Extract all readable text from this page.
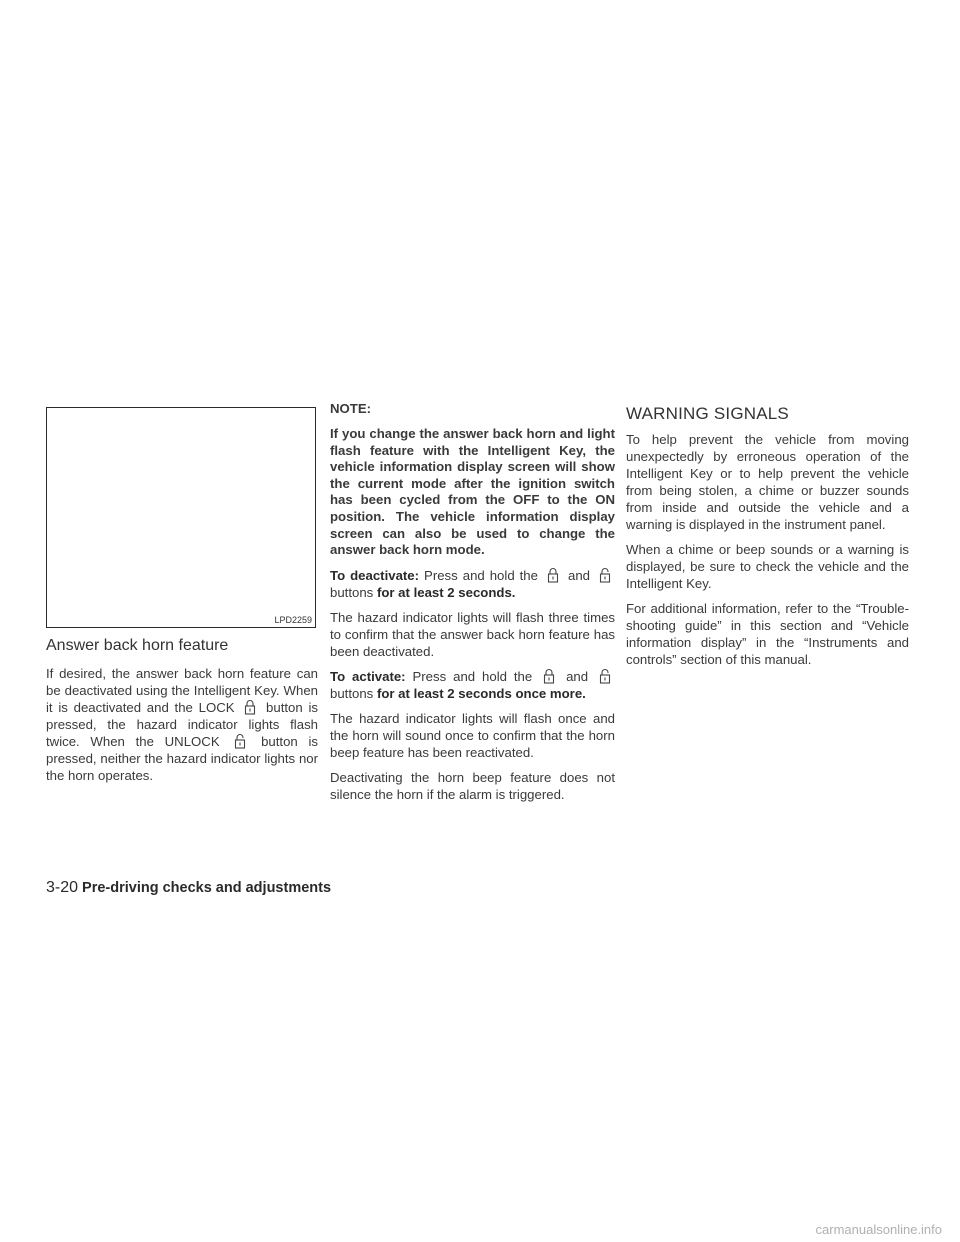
LPD2259
Answer back horn feature

If desired, the answer back horn feature can be deactivated using the Intelligent Key. When it is deactivated and the LOCK button is pressed, the hazard indicator lights flash twice. When the UNLOCK	button is pressed, neither the hazard indicator lights nor the horn operates.

NOTE:

If you change the answer back horn and light flash feature with the Intelligent Key, the vehicle information display screen will show the current mode after the ignition switch has been cycled from the OFF to the ON position. The vehicle information display screen can also be used to change the answer back horn mode.

To deactivate: Press and hold the and  buttons for at least 2 seconds.

The hazard indicator lights will flash three times to confirm that the answer back horn feature has been deactivated.

To activate: Press and hold the	and  buttons for at least 2 seconds once more.

The hazard indicator lights will flash once and the horn will sound once to confirm that the horn beep feature has been reactivated.

Deactivating the horn beep feature does not silence the horn if the alarm is triggered.

WARNING SIGNALS

To help prevent the vehicle from moving unexpectedly by erroneous operation of the Intelligent Key or to help prevent the vehicle from being stolen, a chime or buzzer sounds from inside and outside the vehicle and a warning is displayed in the instrument panel.

When a chime or beep sounds or a warning is displayed, be sure to check the vehicle and the Intelligent Key.

For additional information, refer to the “Trouble-shooting guide” in this section and “Vehicle information display” in the “Instruments and controls” section of this manual.

3-20 Pre-driving checks and adjustments
carmanualsonline.info
